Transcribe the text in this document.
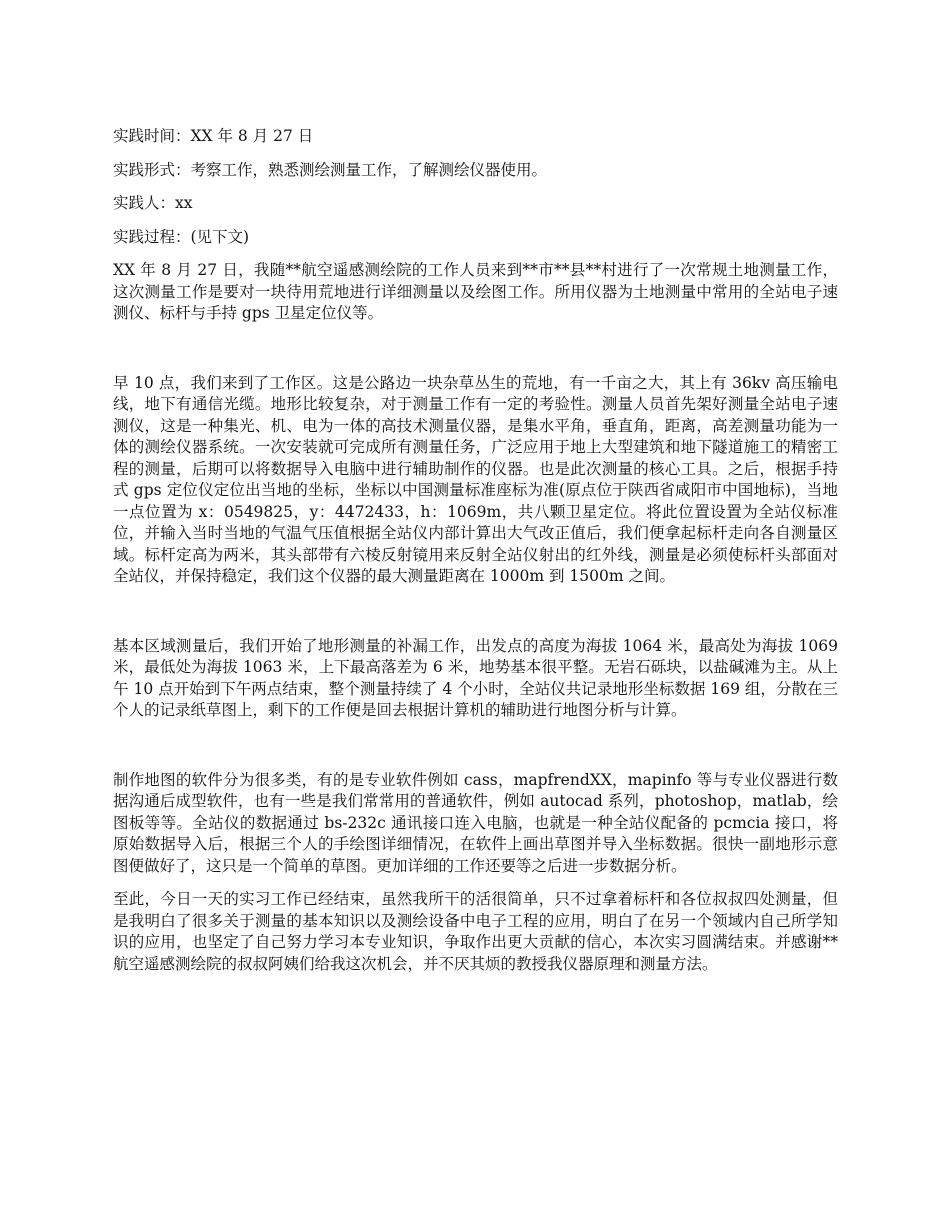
实践时间：XX 年 8 月 27 日

实践形式：考察工作，熟悉测绘测量工作，了解测绘仪器使用。

实践人：xx

实践过程：(见下文)

XX 年 8 月 27 日，我随**航空遥感测绘院的工作人员来到**市**县**村进行了一次常规土地测量工作，这次测量工作是要对一块待用荒地进行详细测量以及绘图工作。所用仪器为土地测量中常用的全站电子速测仪、标杆与手持 gps 卫星定位仪等。

早 10 点，我们来到了工作区。这是公路边一块杂草丛生的荒地，有一千亩之大，其上有 36kv 高压输电线，地下有通信光缆。地形比较复杂，对于测量工作有一定的考验性。测量人员首先架好测量全站电子速测仪，这是一种集光、机、电为一体的高技术测量仪器，是集水平角，垂直角，距离，高差测量功能为一体的测绘仪器系统。一次安装就可完成所有测量任务，广泛应用于地上大型建筑和地下隧道施工的精密工程的测量，后期可以将数据导入电脑中进行辅助制作的仪器。也是此次测量的核心工具。之后，根据手持式 gps 定位仪定位出当地的坐标，坐标以中国测量标准座标为准(原点位于陕西省咸阳市中国地标)，当地一点位置为 x：0549825，y：4472433，h：1069m，共八颗卫星定位。将此位置设置为全站仪标准位，并输入当时当地的气温气压值根据全站仪内部计算出大气改正值后，我们便拿起标杆走向各自测量区域。标杆定高为两米，其头部带有六棱反射镜用来反射全站仪射出的红外线，测量是必须使标杆头部面对全站仪，并保持稳定，我们这个仪器的最大测量距离在 1000m 到 1500m 之间。

基本区域测量后，我们开始了地形测量的补漏工作，出发点的高度为海拔 1064 米，最高处为海拔 1069 米，最低处为海拔 1063 米，上下最高落差为 6 米，地势基本很平整。无岩石砾块，以盐碱滩为主。从上午 10 点开始到下午两点结束，整个测量持续了 4 个小时，全站仪共记录地形坐标数据 169 组，分散在三个人的记录纸草图上，剩下的工作便是回去根据计算机的辅助进行地图分析与计算。

制作地图的软件分为很多类，有的是专业软件例如 cass，mapfrendXX，mapinfo 等与专业仪器进行数据沟通后成型软件，也有一些是我们常常用的普通软件，例如 autocad 系列，photoshop，matlab，绘图板等等。全站仪的数据通过 bs-232c 通讯接口连入电脑，也就是一种全站仪配备的 pcmcia 接口，将原始数据导入后，根据三个人的手绘图详细情况，在软件上画出草图并导入坐标数据。很快一副地形示意图便做好了，这只是一个简单的草图。更加详细的工作还要等之后进一步数据分析。

至此，今日一天的实习工作已经结束，虽然我所干的活很简单，只不过拿着标杆和各位叔叔四处测量，但是我明白了很多关于测量的基本知识以及测绘设备中电子工程的应用，明白了在另一个领域内自己所学知识的应用，也坚定了自己努力学习本专业知识，争取作出更大贡献的信心，本次实习圆满结束。并感谢**航空遥感测绘院的叔叔阿姨们给我这次机会，并不厌其烦的教授我仪器原理和测量方法。
